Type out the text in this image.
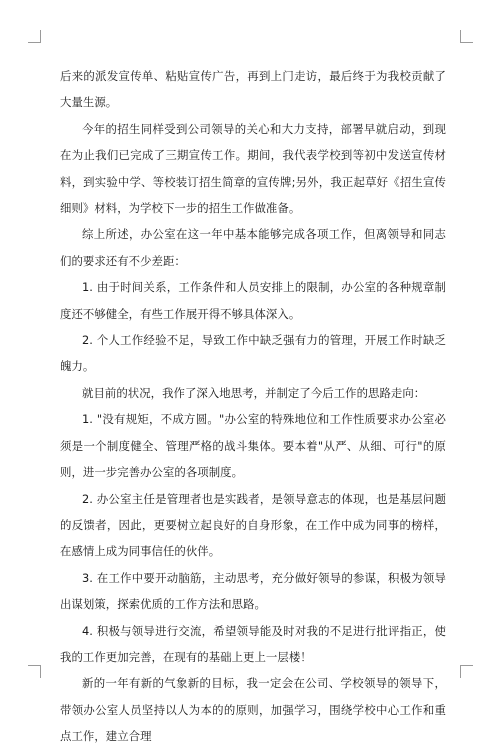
后来的派发宣传单、粘贴宣传广告，再到上门走访，最后终于为我校贡献了大量生源。

今年的招生同样受到公司领导的关心和大力支持，部署早就启动，到现在为止我们已完成了三期宣传工作。期间，我代表学校到等初中发送宣传材料，到实验中学、等校装订招生简章的宣传牌;另外，我正起草好《招生宣传细则》材料，为学校下一步的招生工作做准备。

综上所述，办公室在这一年中基本能够完成各项工作，但离领导和同志们的要求还有不少差距：

1. 由于时间关系，工作条件和人员安排上的限制，办公室的各种规章制度还不够健全，有些工作展开得不够具体深入。

2. 个人工作经验不足，导致工作中缺乏强有力的管理，开展工作时缺乏魄力。

就目前的状况，我作了深入地思考，并制定了今后工作的思路走向：

1. "没有规矩，不成方圆。"办公室的特殊地位和工作性质要求办公室必须是一个制度健全、管理严格的战斗集体。要本着"从严、从细、可行"的原则，进一步完善办公室的各项制度。

2. 办公室主任是管理者也是实践者，是领导意志的体现，也是基层问题的反馈者，因此，更要树立起良好的自身形象，在工作中成为同事的榜样，在感情上成为同事信任的伙伴。

3. 在工作中要开动脑筋，主动思考，充分做好领导的参谋，积极为领导出谋划策，探索优质的工作方法和思路。

4. 积极与领导进行交流，希望领导能及时对我的不足进行批评指正，使我的工作更加完善，在现有的基础上更上一层楼！

新的一年有新的气象新的目标，我一定会在公司、学校领导的领导下，带领办公室人员坚持以人为本的的原则，加强学习，围绕学校中心工作和重点工作，建立合理
